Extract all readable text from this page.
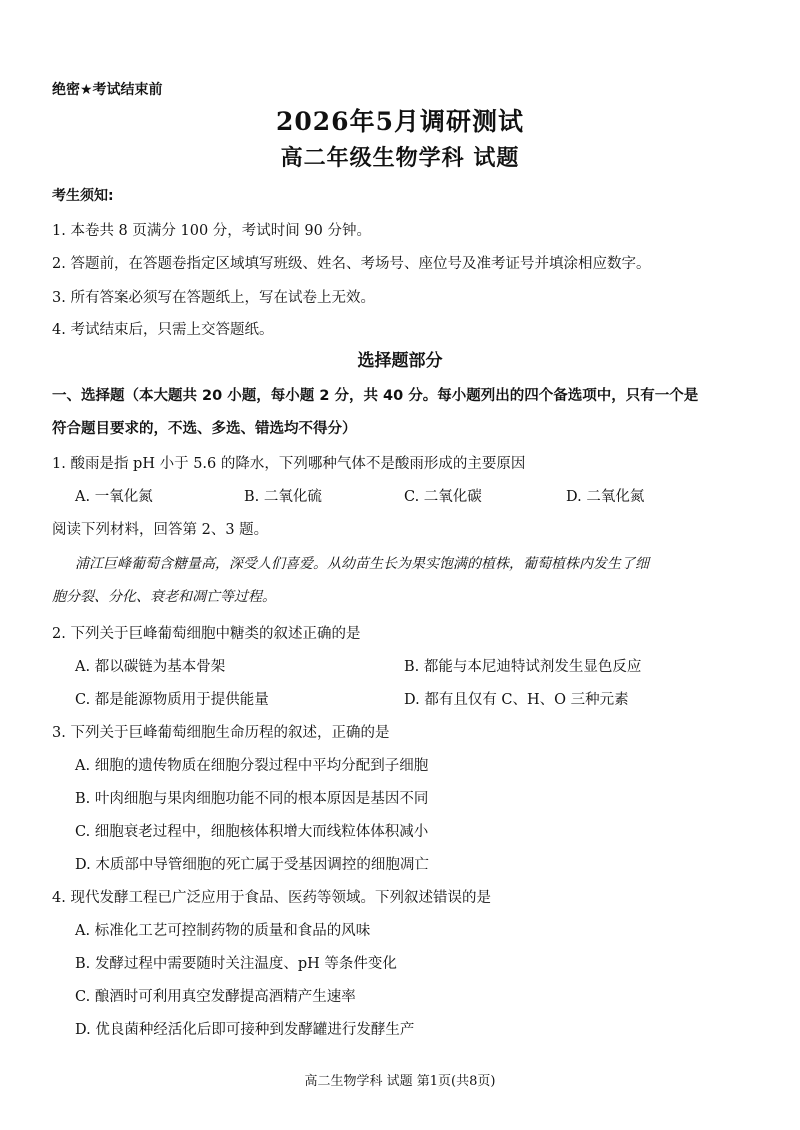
绝密★考试结束前
2026年5月调研测试
高二年级生物学科 试题
考生须知:
1. 本卷共 8 页满分 100 分，考试时间 90 分钟。
2. 答题前，在答题卷指定区域填写班级、姓名、考场号、座位号及准考证号并填涂相应数字。
3. 所有答案必须写在答题纸上，写在试卷上无效。
4. 考试结束后，只需上交答题纸。
选择题部分
一、选择题（本大题共 20 小题，每小题 2 分，共 40 分。每小题列出的四个备选项中，只有一个是
符合题目要求的，不选、多选、错选均不得分）
1. 酸雨是指 pH 小于 5.6 的降水，下列哪种气体不是酸雨形成的主要原因
A. 一氧化氮	B. 二氧化硫	C. 二氧化碳	D. 二氧化氮
阅读下列材料，回答第 2、3 题。
浦江巨峰葡萄含糖量高，深受人们喜爱。从幼苗生长为果实饱满的植株，葡萄植株内发生了细
胞分裂、分化、衰老和凋亡等过程。
2. 下列关于巨峰葡萄细胞中糖类的叙述正确的是
A. 都以碳链为基本骨架	B. 都能与本尼迪特试剂发生显色反应
C. 都是能源物质用于提供能量	D. 都有且仅有 C、H、O 三种元素
3. 下列关于巨峰葡萄细胞生命历程的叙述，正确的是
A. 细胞的遗传物质在细胞分裂过程中平均分配到子细胞
B. 叶肉细胞与果肉细胞功能不同的根本原因是基因不同
C. 细胞衰老过程中，细胞核体积增大而线粒体体积减小
D. 木质部中导管细胞的死亡属于受基因调控的细胞凋亡
4. 现代发酵工程已广泛应用于食品、医药等领域。下列叙述错误的是
A. 标准化工艺可控制药物的质量和食品的风味
B. 发酵过程中需要随时关注温度、pH 等条件变化
C. 酿酒时可利用真空发酵提高酒精产生速率
D. 优良菌种经活化后即可接种到发酵罐进行发酵生产
高二生物学科 试题 第1页(共8页)
